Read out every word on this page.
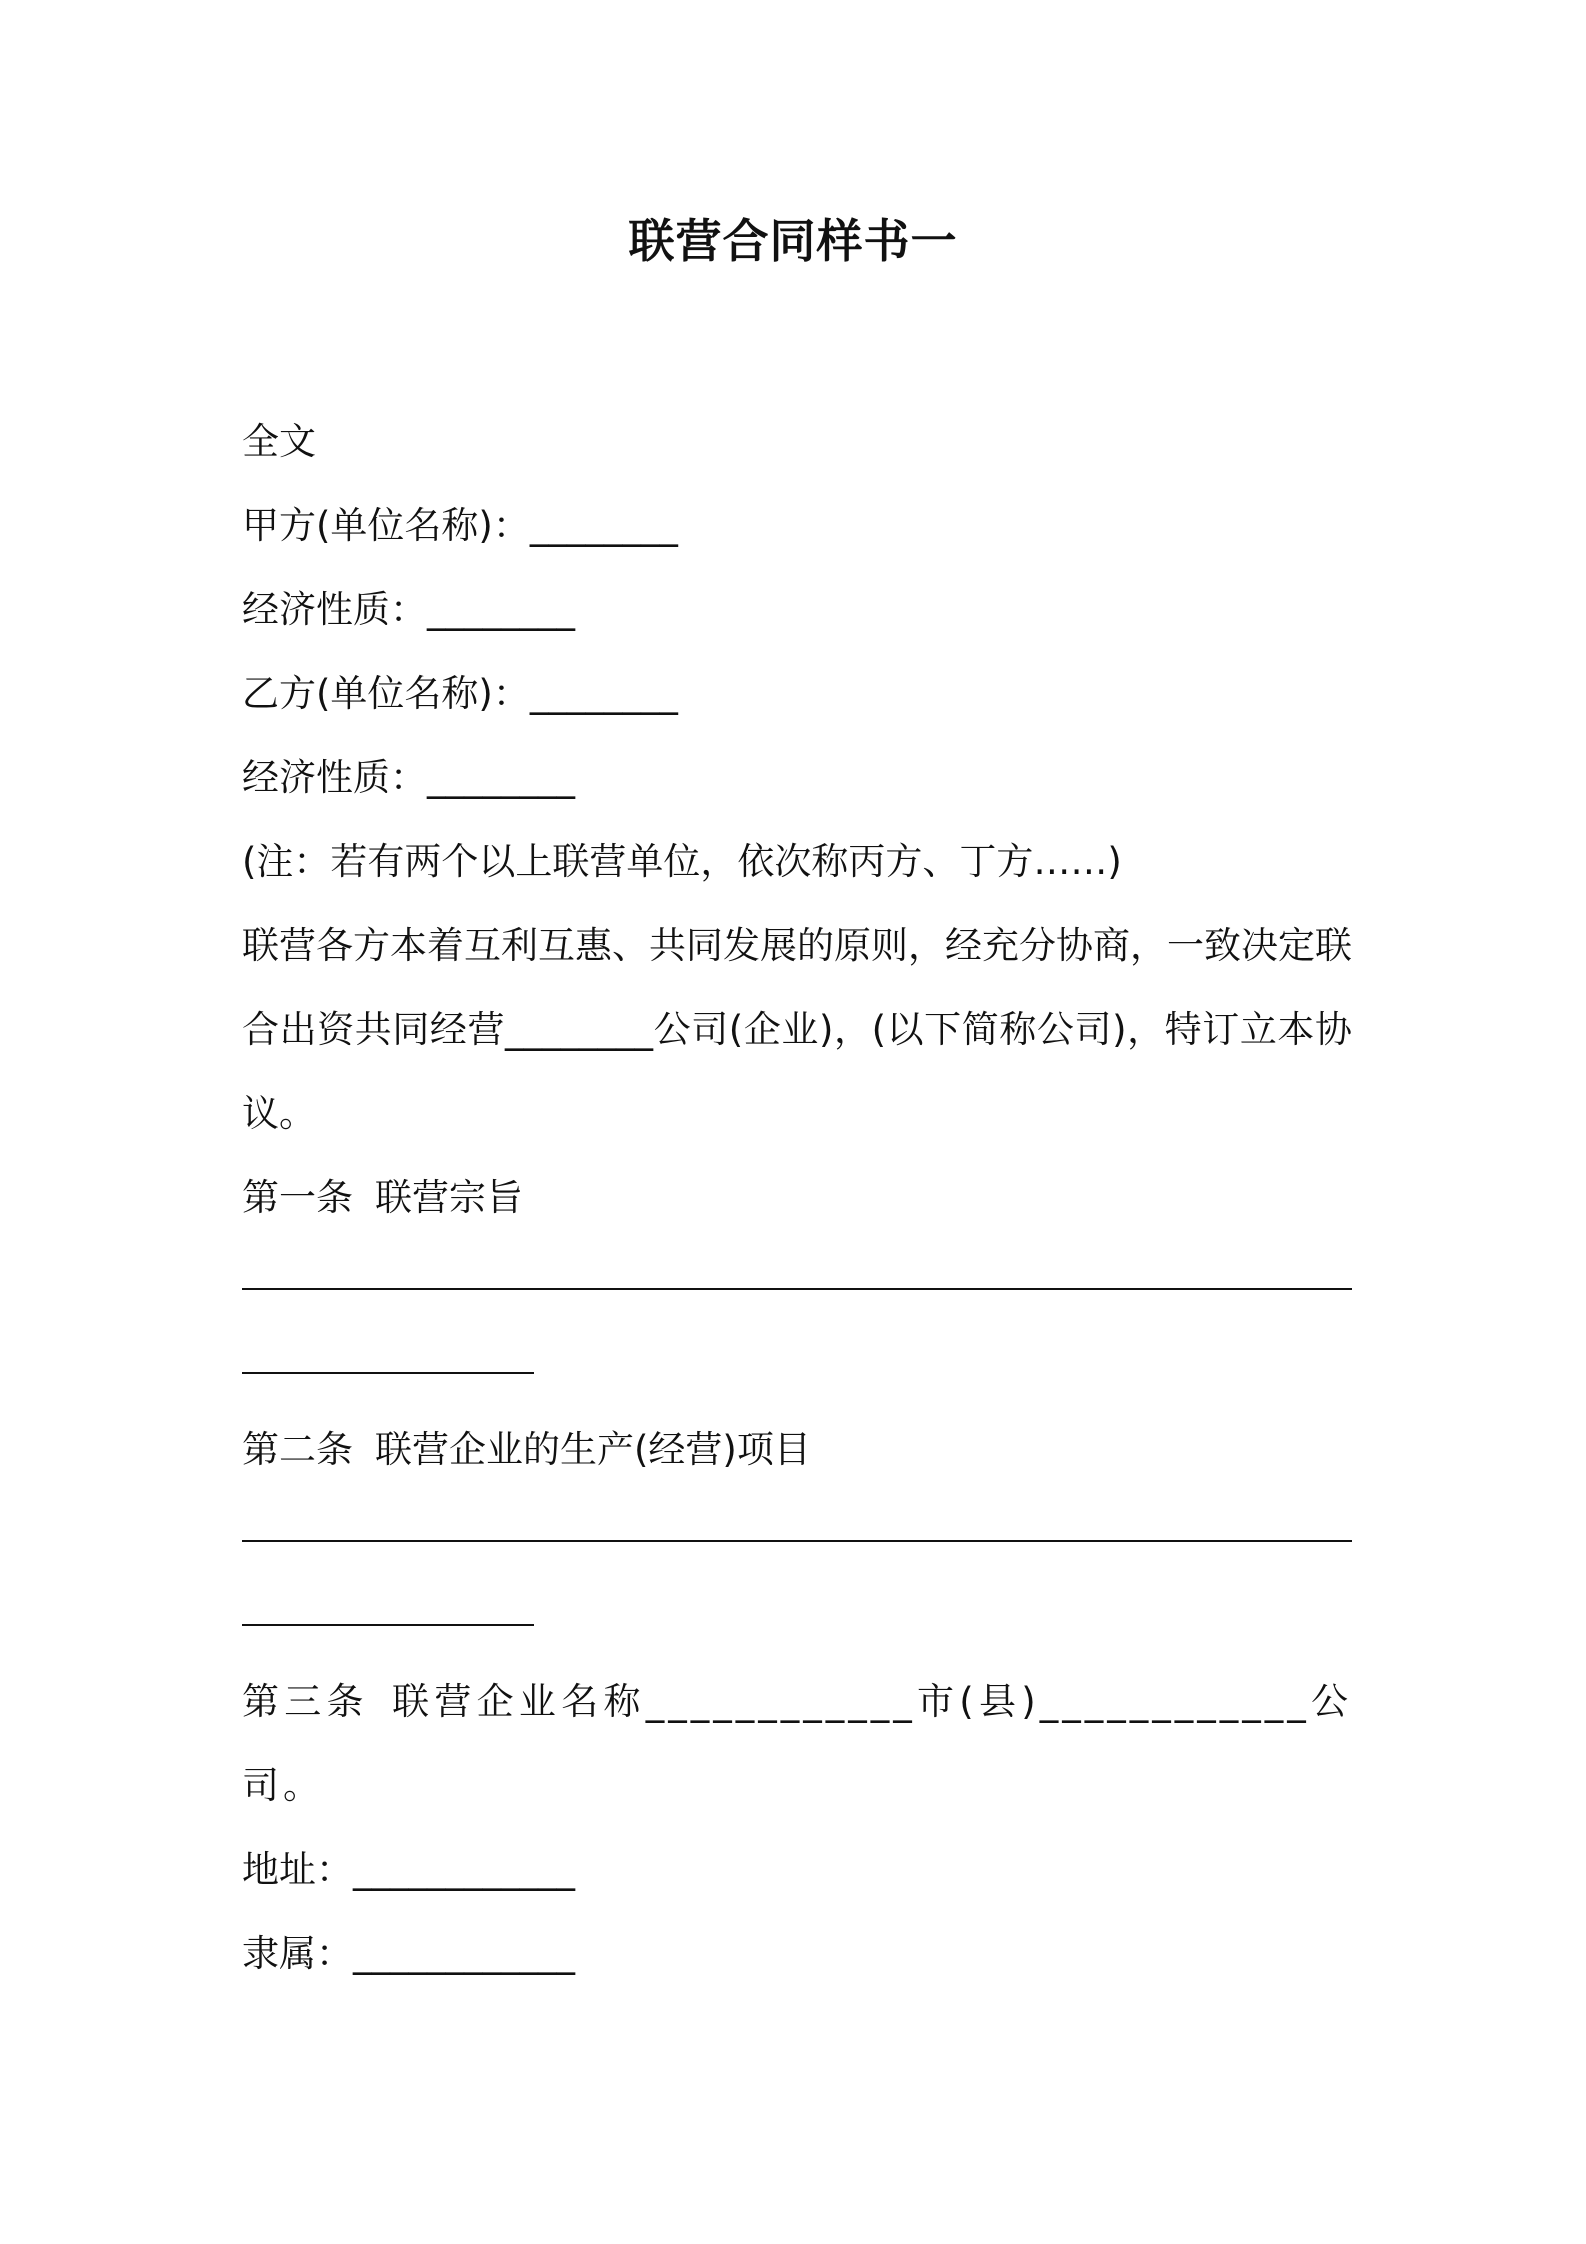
联营合同样书一
全文
甲方(单位名称)：________
经济性质：________
乙方(单位名称)：________
经济性质：________
(注：若有两个以上联营单位，依次称丙方、丁方……)
联营各方本着互利互惠、共同发展的原则，经充分协商，一致决定联合出资共同经营________公司(企业)，(以下简称公司)，特订立本协议。
第一条 联营宗旨
第二条 联营企业的生产(经营)项目
第三条 联营企业名称____________市(县)____________公司。
地址：____________
隶属：____________
